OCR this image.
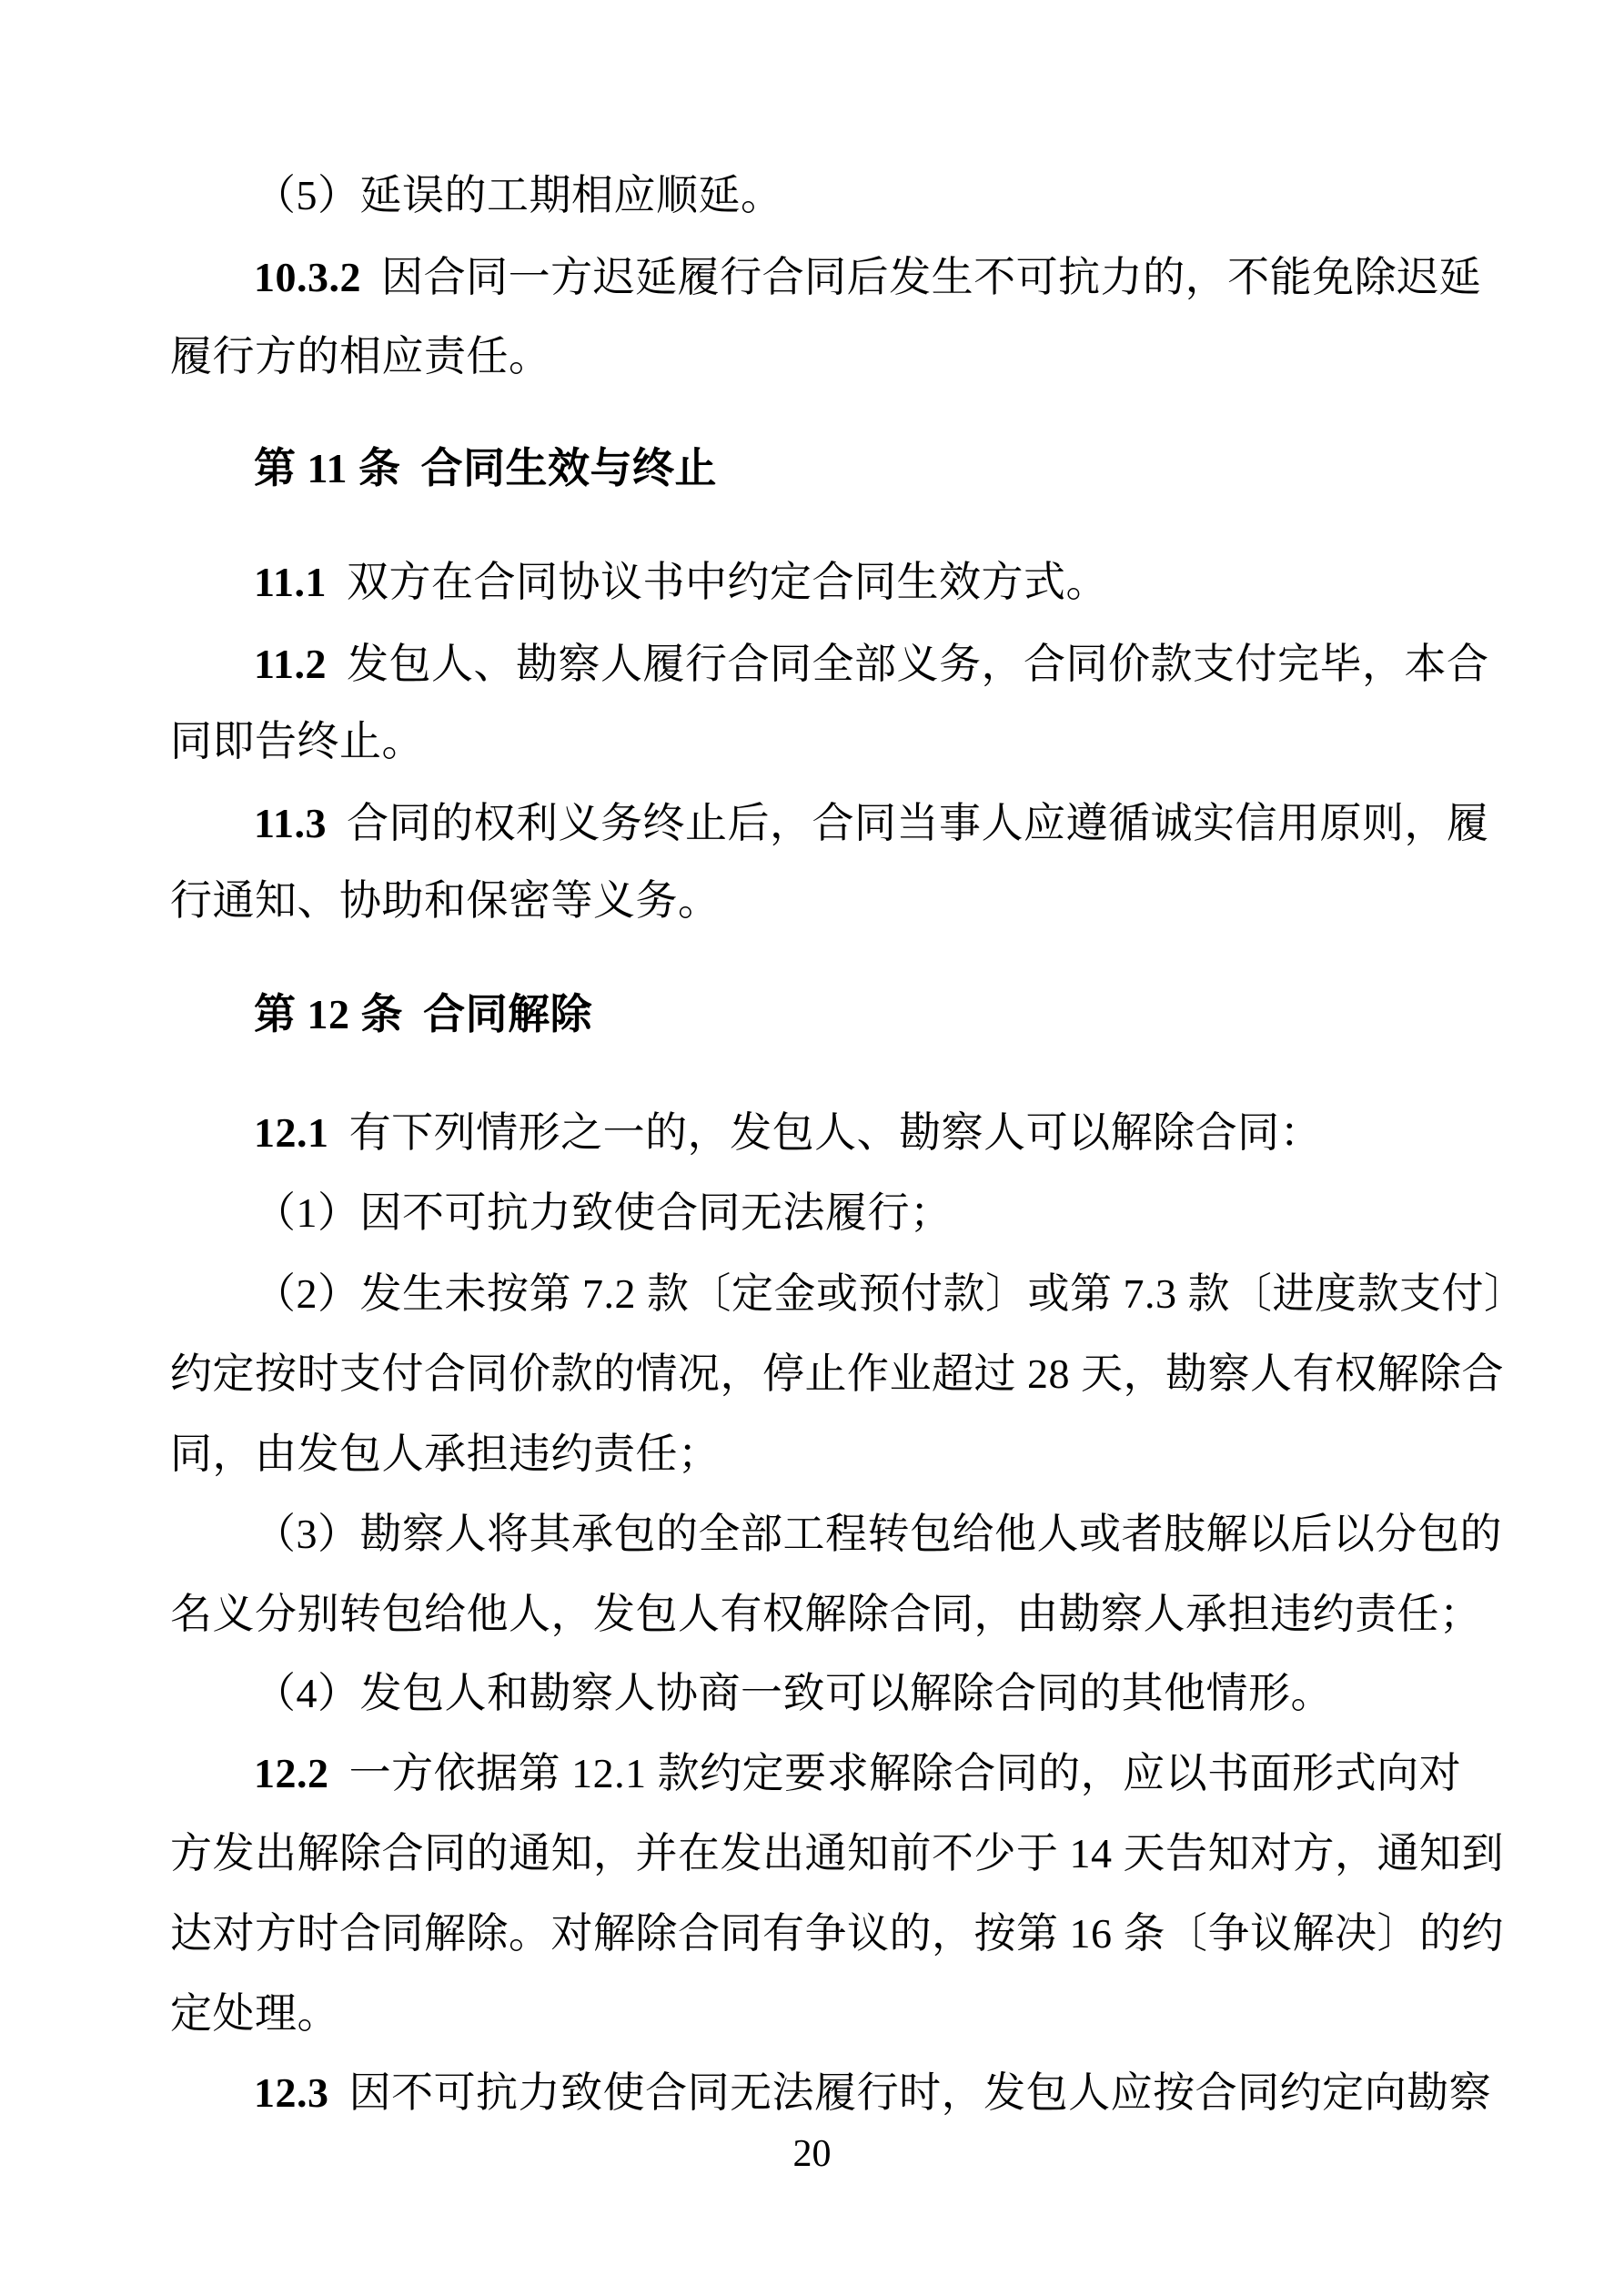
（5）延误的工期相应顺延。
10.3.2 因合同一方迟延履行合同后发生不可抗力的，不能免除迟延
履行方的相应责任。
第 11 条 合同生效与终止
11.1 双方在合同协议书中约定合同生效方式。
11.2 发包人、勘察人履行合同全部义务，合同价款支付完毕，本合
同即告终止。
11.3 合同的权利义务终止后，合同当事人应遵循诚实信用原则，履
行通知、协助和保密等义务。
第 12 条 合同解除
12.1 有下列情形之一的，发包人、勘察人可以解除合同：
（1）因不可抗力致使合同无法履行；
（2）发生未按第 7.2 款〔定金或预付款〕或第 7.3 款〔进度款支付〕
约定按时支付合同价款的情况，停止作业超过 28 天，勘察人有权解除合
同，由发包人承担违约责任；
（3）勘察人将其承包的全部工程转包给他人或者肢解以后以分包的
名义分别转包给他人，发包人有权解除合同，由勘察人承担违约责任；
（4）发包人和勘察人协商一致可以解除合同的其他情形。
12.2 一方依据第 12.1 款约定要求解除合同的，应以书面形式向对
方发出解除合同的通知，并在发出通知前不少于 14 天告知对方，通知到
达对方时合同解除。对解除合同有争议的，按第 16 条〔争议解决〕的约
定处理。
12.3 因不可抗力致使合同无法履行时，发包人应按合同约定向勘察
20
